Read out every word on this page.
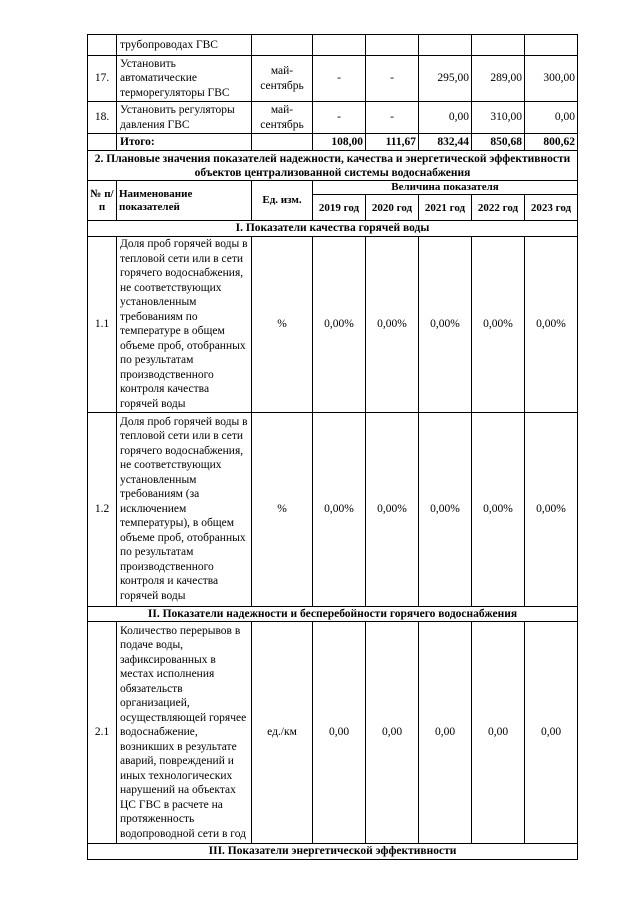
	трубопроводах ГВС						
17.	Установить автоматические терморегуляторы ГВС	май-сентябрь	-	-	295,00	289,00	300,00
18.	Установить регуляторы давления ГВС	май-сентябрь	-	-	0,00	310,00	0,00
	Итого:		108,00	111,67	832,44	850,68	800,62
2. Плановые значения показателей надежности, качества и энергетической эффективности объектов централизованной системы водоснабжения							
№ п/п	Наименование показателей	Ед. изм.	Величина показателя				
			2019 год	2020 год	2021 год	2022 год	2023 год
I. Показатели качества горячей воды							
1.1	Доля проб горячей воды в тепловой сети или в сети горячего водоснабжения, не соответствующих установленным требованиям по температуре в общем объеме проб, отобранных по результатам производственного контроля качества горячей воды	%	0,00%	0,00%	0,00%	0,00%	0,00%
1.2	Доля проб горячей воды в тепловой сети или в сети горячего водоснабжения, не соответствующих установленным требованиям (за исключением температуры), в общем объеме проб, отобранных по результатам производственного контроля и качества горячей воды	%	0,00%	0,00%	0,00%	0,00%	0,00%
II. Показатели надежности и бесперебойности горячего водоснабжения							
2.1	Количество перерывов в подаче воды, зафиксированных в местах исполнения обязательств организацией, осуществляющей горячее водоснабжение, возникших в результате аварий, повреждений и иных технологических нарушений на объектах ЦС ГВС в расчете на протяженность водопроводной сети в год	ед./км	0,00	0,00	0,00	0,00	0,00
III. Показатели энергетической эффективности							
